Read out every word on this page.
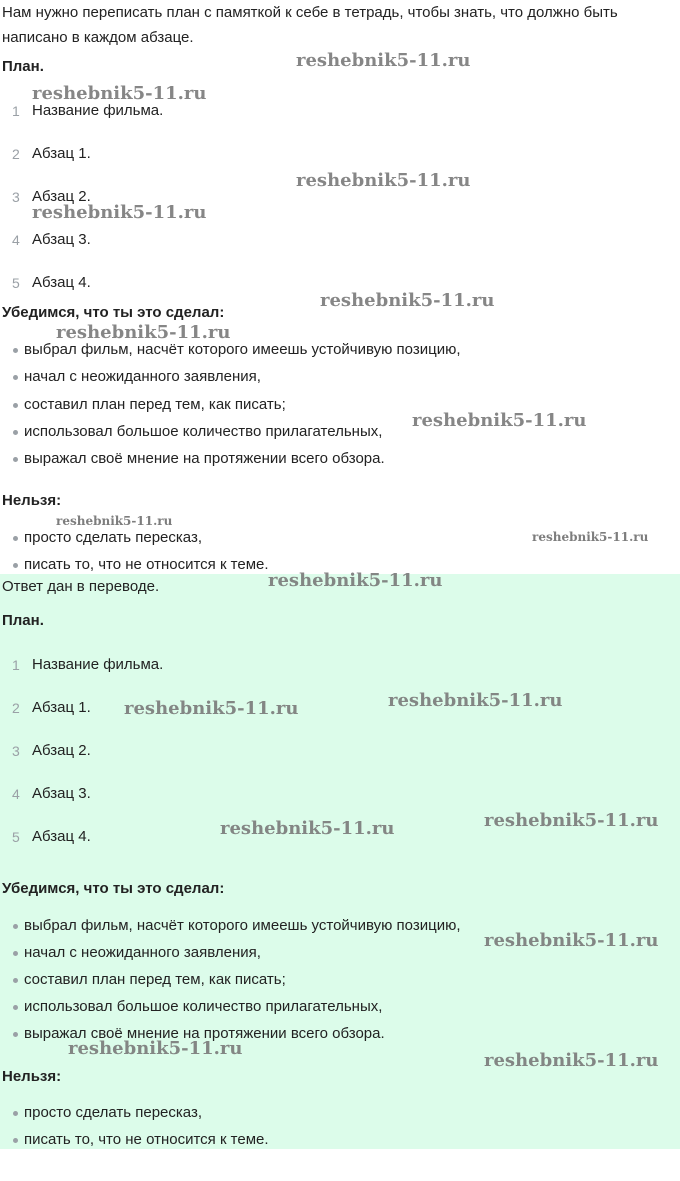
Нам нужно переписать план с памяткой к себе в тетрадь, чтобы знать, что должно быть написано в каждом абзаце.
План.
1 Название фильма.
2 Абзац 1.
3 Абзац 2.
4 Абзац 3.
5 Абзац 4.
Убедимся, что ты это сделал:
выбрал фильм, насчёт которого имеешь устойчивую позицию,
начал с неожиданного заявления,
составил план перед тем, как писать;
использовал большое количество прилагательных,
выражал своё мнение на протяжении всего обзора.
Нельзя:
просто сделать пересказ,
писать то, что не относится к теме.
Ответ дан в переводе.
План.
1 Название фильма.
2 Абзац 1.
3 Абзац 2.
4 Абзац 3.
5 Абзац 4.
Убедимся, что ты это сделал:
выбрал фильм, насчёт которого имеешь устойчивую позицию,
начал с неожиданного заявления,
составил план перед тем, как писать;
использовал большое количество прилагательных,
выражал своё мнение на протяжении всего обзора.
Нельзя:
просто сделать пересказ,
писать то, что не относится к теме.
reshebnik5-11.ru
reshebnik5-11.ru
reshebnik5-11.ru
reshebnik5-11.ru
reshebnik5-11.ru
reshebnik5-11.ru
reshebnik5-11.ru
reshebnik5-11.ru
reshebnik5-11.ru
reshebnik5-11.ru
reshebnik5-11.ru
reshebnik5-11.ru
reshebnik5-11.ru
reshebnik5-11.ru
reshebnik5-11.ru
reshebnik5-11.ru
reshebnik5-11.ru
